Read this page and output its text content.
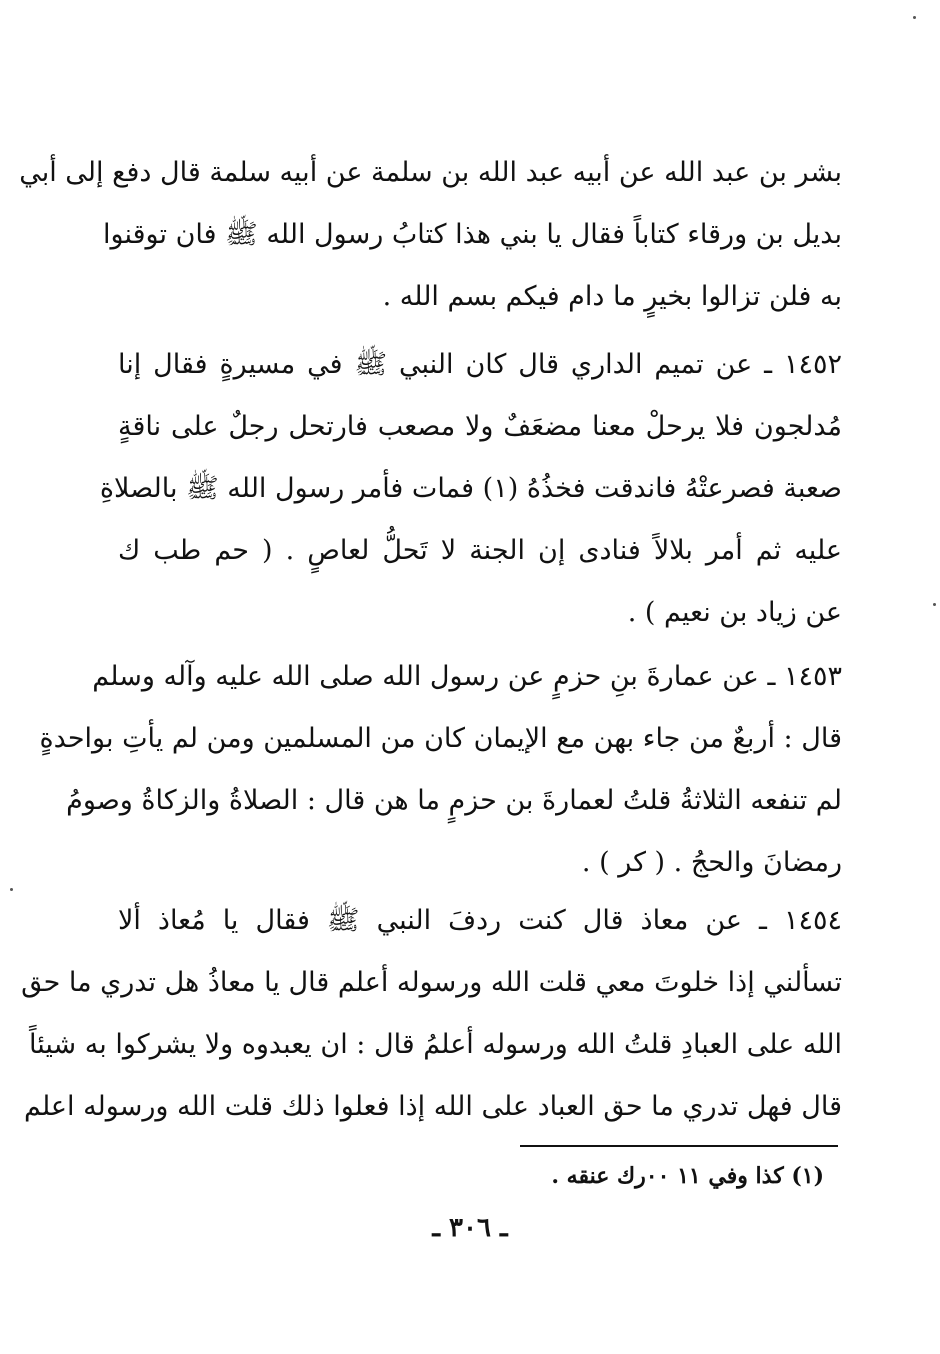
بشر بن عبد الله عن أبيه عبد الله بن سلمة عن أبيه سلمة قال دفع إلى أبي
بديل بن ورقاء كتاباً فقال يا بني هذا كتابُ رسول الله ﷺ فان توقنوا
به فلن تزالوا بخيرٍ ما دام فيكم بسم الله .
١٤٥٢ ـ عن تميم الداري قال كان النبي ﷺ في مسيرةٍ فقال إنا
مُدلجون فلا يرحلْ معنا مضعَفٌ ولا مصعب فارتحل رجلٌ على ناقةٍ
صعبة فصرعتْهُ فاندقت فخذُهُ (١) فمات فأمر رسول الله ﷺ بالصلاةِ
عليه ثم أمر بلالاً فنادى إن الجنة لا تَحلُّ لعاصٍ . ( حم طب ك
عن زياد بن نعيم ) .
١٤٥٣ ـ عن عمارةَ بنِ حزمٍ عن رسول الله صلى الله عليه وآله وسلم
قال : أربعٌ من جاء بهن مع الإيمان كان من المسلمين ومن لم يأتِ بواحدةٍ
لم تنفعه الثلاثةُ قلتُ لعمارةَ بن حزمٍ ما هن قال : الصلاةُ والزكاةُ وصومُ
رمضانَ والحجُ . ( كر ) .
١٤٥٤ ـ عن معاذ قال كنت ردفَ النبي ﷺ فقال يا مُعاذ ألا
تسألني إذا خلوتَ معي قلت الله ورسوله أعلم قال يا معاذُ هل تدري ما حق
الله على العبادِ قلتُ الله ورسوله أعلمُ قال : ان يعبدوه ولا يشركوا به شيئاً
قال فهل تدري ما حق العباد على الله إذا فعلوا ذلك قلت الله ورسوله اعلم
(١) كذا وفي ١١ ٠٠رك عنقه .
ـ ٣٠٦ ـ
